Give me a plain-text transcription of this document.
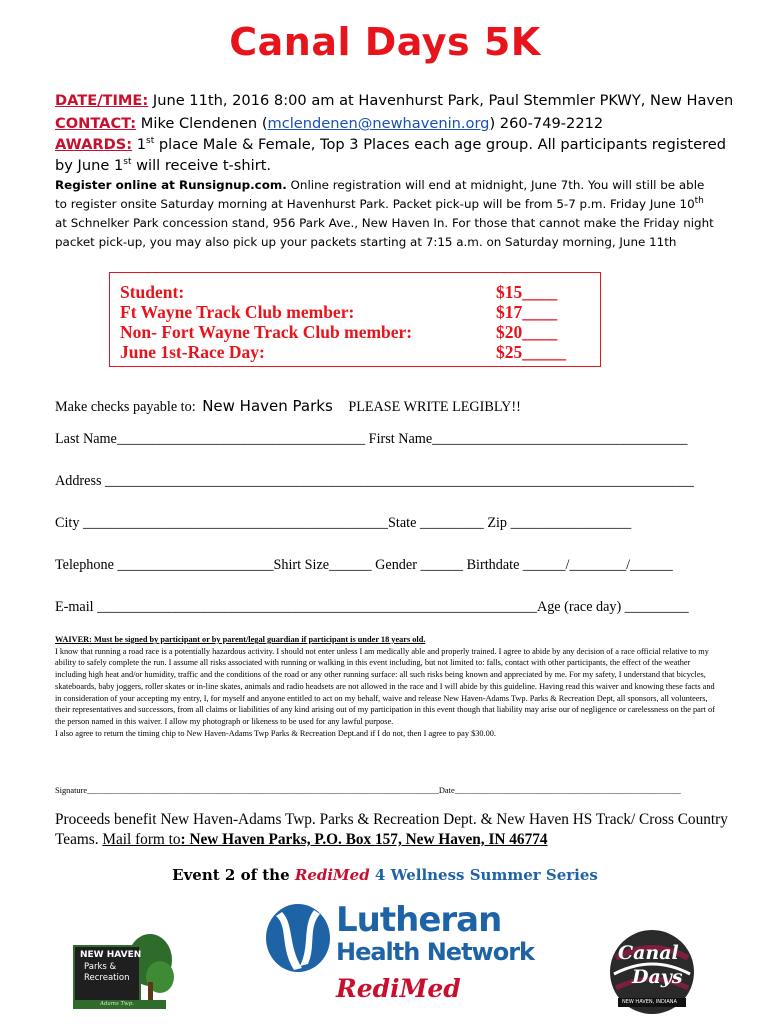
Canal Days 5K
DATE/TIME: June 11th, 2016 8:00 am at Havenhurst Park, Paul Stemmler PKWY, New Haven
CONTACT: Mike Clendenen (mclendenen@newhavenin.org) 260-749-2212
AWARDS: 1st place Male & Female, Top 3 Places each age group. All participants registered
by June 1st will receive t-shirt.
Register online at Runsignup.com. Online registration will end at midnight, June 7th. You will still be able to register onsite Saturday morning at Havenhurst Park. Packet pick-up will be from 5-7 p.m. Friday June 10th at Schnelker Park concession stand, 956 Park Ave., New Haven In. For those that cannot make the Friday night packet pick-up, you may also pick up your packets starting at 7:15 a.m. on Saturday morning, June 11th
Student:	$15____
Ft Wayne Track Club member:	$17____
Non- Fort Wayne Track Club member:	$20____
June 1st-Race Day:	$25_____
Make checks payable to: New Haven Parks PLEASE WRITE LEGIBLY!!
Last Name___________________________________ First Name____________________________________
Address ___________________________________________________________________________________
City ___________________________________________State _________ Zip _________________
Telephone ______________________Shirt Size______ Gender ______ Birthdate ______/________/______
E-mail ______________________________________________________________Age (race day) _________
WAIVER: Must be signed by participant or by parent/legal guardian if participant is under 18 years old.
I know that running a road race is a potentially hazardous activity. I should not enter unless I am medically able and properly trained. I agree to abide by any decision of a race official relative to my ability to safely complete the run. I assume all risks associated with running or walking in this event including, but not limited to: falls, contact with other participants, the effect of the weather including high heat and/or humidity, traffic and the conditions of the road or any other running surface: all such risks being known and appreciated by me. For my safety, I understand that bicycles, skateboards, baby joggers, roller skates or in-line skates, animals and radio headsets are not allowed in the race and I will abide by this guideline. Having read this waiver and knowing these facts and in consideration of your accepting my entry, I, for myself and anyone entitled to act on my behalf, waive and release New Haven-Adams Twp. Parks & Recreation Dept, all sponsors, all volunteers, their representatives and successors, from all claims or liabilities of any kind arising out of my participation in this event though that liability may arise our of negligence or carelessness on the part of the person named in this waiver. I allow my photograph or likeness to be used for any lawful purpose.
I also agree to return the timing chip to New Haven-Adams Twp Parks & Recreation Dept.and if I do not, then I agree to pay $30.00.
Signature____________________________________________________________________________________Date______________________________________________________
Proceeds benefit New Haven-Adams Twp. Parks & Recreation Dept. & New Haven HS Track/ Cross Country Teams. Mail form to: New Haven Parks, P.O. Box 157, New Haven, IN 46774
Event 2 of the RediMed 4 Wellness Summer Series
NEW HAVEN
Parks &
Recreation
Adams Twp.
Lutheran
Health Network
RediMed
Canal
Days
NEW HAVEN, INDIANA
